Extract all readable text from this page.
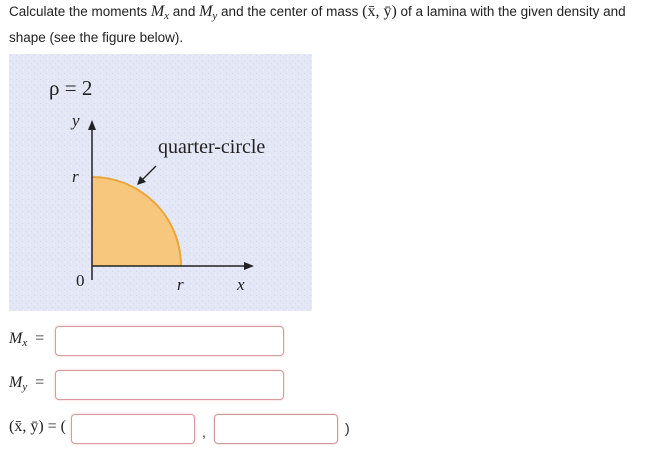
Calculate the moments $M_x$ and $M_y$ and the center of mass (x̄, ȳ) of a lamina with the given density and shape (see the figure below).
ρ = 2
y
r
quarter-circle
0	r	x
$M_x$ =
$M_y$ =
(x̄, ȳ) = (	,	)
